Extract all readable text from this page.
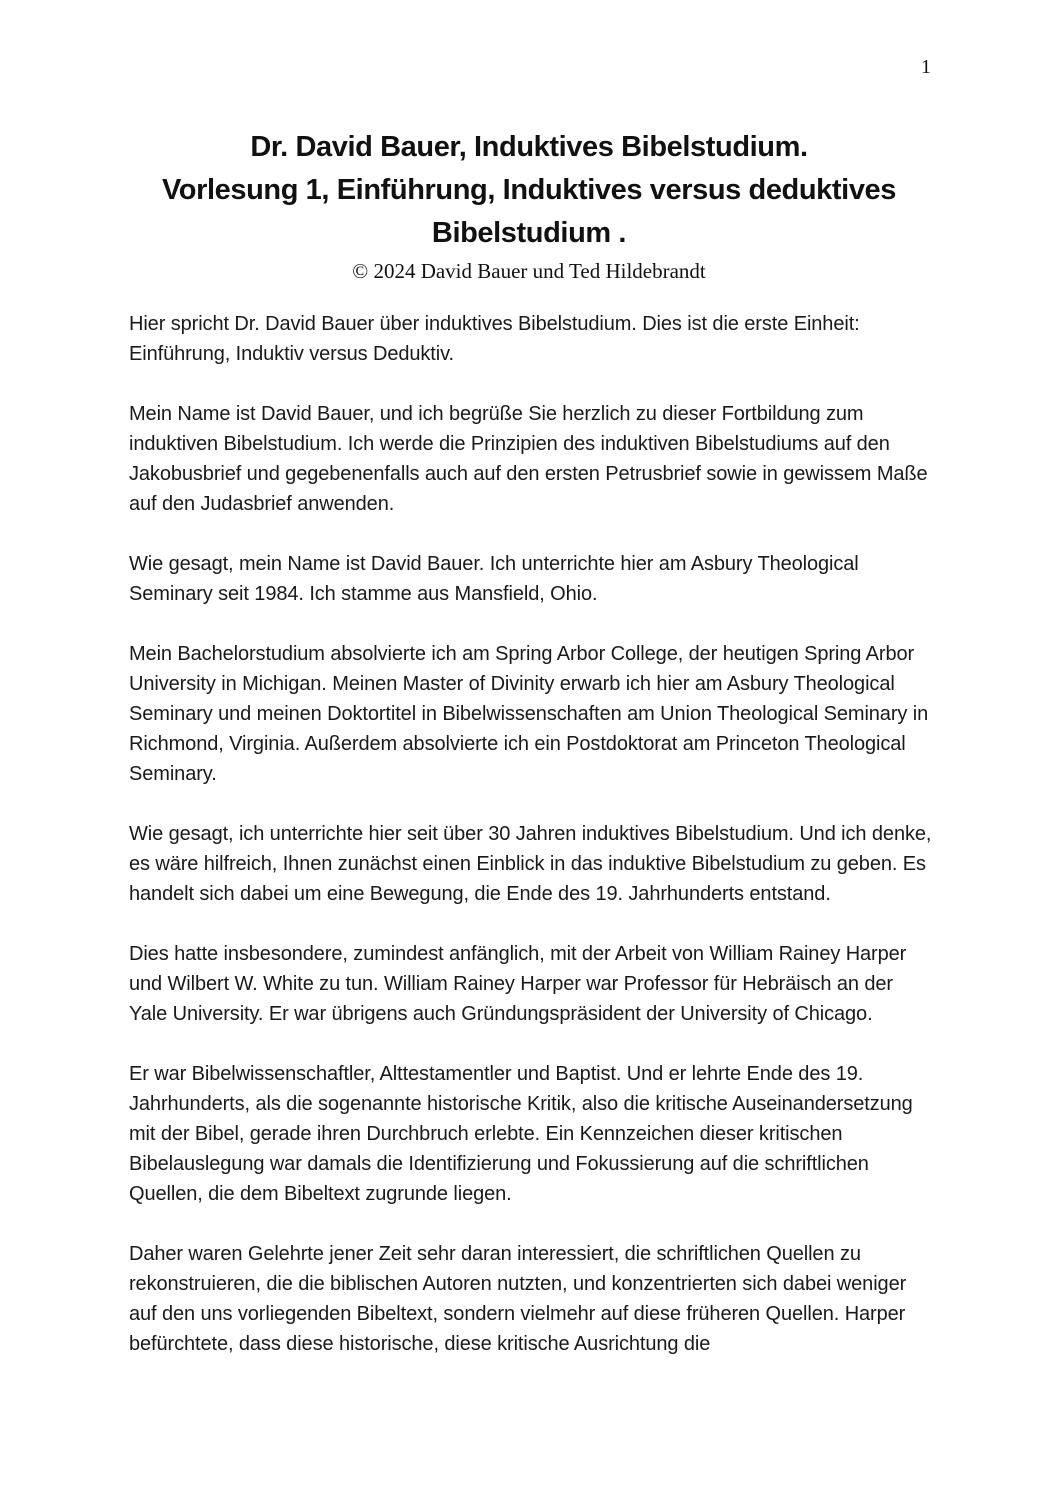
1
Dr. David Bauer, Induktives Bibelstudium.
Vorlesung 1, Einführung, Induktives versus deduktives
Bibelstudium .
© 2024 David Bauer und Ted Hildebrandt

Hier spricht Dr. David Bauer über induktives Bibelstudium. Dies ist die erste Einheit: Einführung, Induktiv versus Deduktiv.

Mein Name ist David Bauer, und ich begrüße Sie herzlich zu dieser Fortbildung zum induktiven Bibelstudium. Ich werde die Prinzipien des induktiven Bibelstudiums auf den Jakobusbrief und gegebenenfalls auch auf den ersten Petrusbrief sowie in gewissem Maße auf den Judasbrief anwenden.

Wie gesagt, mein Name ist David Bauer. Ich unterrichte hier am Asbury Theological Seminary seit 1984. Ich stamme aus Mansfield, Ohio.

Mein Bachelorstudium absolvierte ich am Spring Arbor College, der heutigen Spring Arbor University in Michigan. Meinen Master of Divinity erwarb ich hier am Asbury Theological Seminary und meinen Doktortitel in Bibelwissenschaften am Union Theological Seminary in Richmond, Virginia. Außerdem absolvierte ich ein Postdoktorat am Princeton Theological Seminary.

Wie gesagt, ich unterrichte hier seit über 30 Jahren induktives Bibelstudium. Und ich denke, es wäre hilfreich, Ihnen zunächst einen Einblick in das induktive Bibelstudium zu geben. Es handelt sich dabei um eine Bewegung, die Ende des 19. Jahrhunderts entstand.

Dies hatte insbesondere, zumindest anfänglich, mit der Arbeit von William Rainey Harper und Wilbert W. White zu tun. William Rainey Harper war Professor für Hebräisch an der Yale University. Er war übrigens auch Gründungspräsident der University of Chicago.

Er war Bibelwissenschaftler, Alttestamentler und Baptist. Und er lehrte Ende des 19. Jahrhunderts, als die sogenannte historische Kritik, also die kritische Auseinandersetzung mit der Bibel, gerade ihren Durchbruch erlebte. Ein Kennzeichen dieser kritischen Bibelauslegung war damals die Identifizierung und Fokussierung auf die schriftlichen Quellen, die dem Bibeltext zugrunde liegen.

Daher waren Gelehrte jener Zeit sehr daran interessiert, die schriftlichen Quellen zu rekonstruieren, die die biblischen Autoren nutzten, und konzentrierten sich dabei weniger auf den uns vorliegenden Bibeltext, sondern vielmehr auf diese früheren Quellen. Harper befürchtete, dass diese historische, diese kritische Ausrichtung die
